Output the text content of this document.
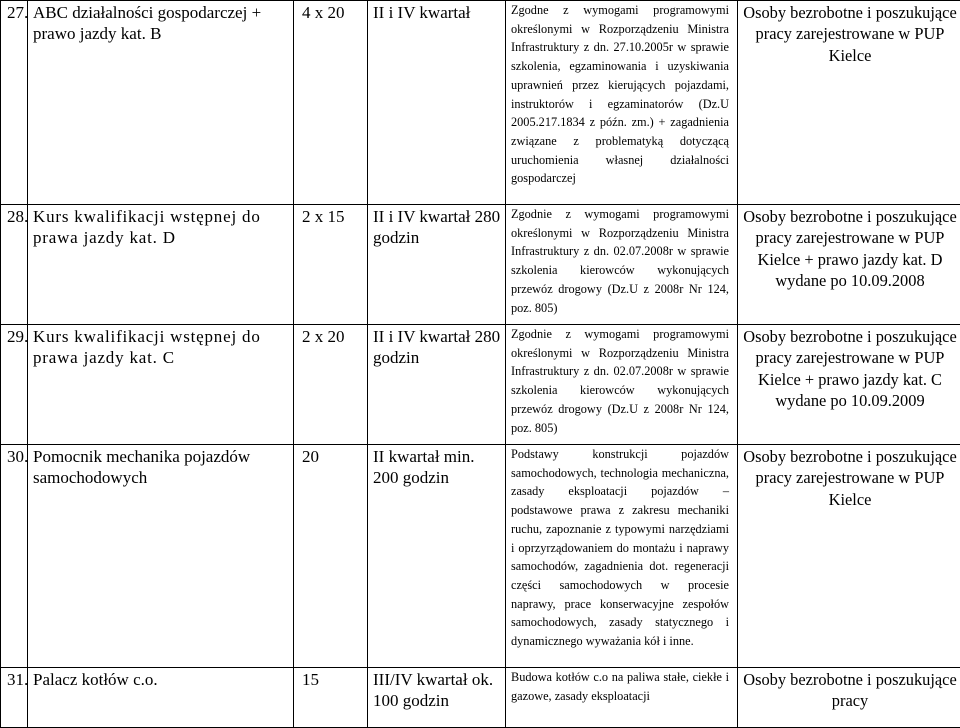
27.	ABC działalności gospodarczej + prawo jazdy kat. B	4 x 20	II i IV kwartał	Zgodne z wymogami programowymi określonymi w Rozporządzeniu Ministra Infrastruktury z dn. 27.10.2005r w sprawie szkolenia, egzaminowania i uzyskiwania uprawnień przez kierujących pojazdami, instruktorów i egzaminatorów (Dz.U 2005.217.1834 z późn. zm.) + zagadnienia związane z problematyką dotyczącą uruchomienia własnej działalności gospodarczej	Osoby bezrobotne i poszukujące pracy zarejestrowane w PUP Kielce
28.	Kurs kwalifikacji wstępnej do prawa jazdy kat. D	2 x 15	II i IV kwartał 280 godzin	Zgodnie z wymogami programowymi określonymi w Rozporządzeniu Ministra Infrastruktury z dn. 02.07.2008r w sprawie szkolenia kierowców wykonujących przewóz drogowy (Dz.U z 2008r Nr 124, poz. 805)	Osoby bezrobotne i poszukujące pracy zarejestrowane w PUP Kielce + prawo jazdy kat. D wydane po 10.09.2008
29.	Kurs kwalifikacji wstępnej do prawa jazdy kat. C	2 x 20	II i IV kwartał 280 godzin	Zgodnie z wymogami programowymi określonymi w Rozporządzeniu Ministra Infrastruktury z dn. 02.07.2008r w sprawie szkolenia kierowców wykonujących przewóz drogowy (Dz.U z 2008r Nr 124, poz. 805)	Osoby bezrobotne i poszukujące pracy zarejestrowane w PUP Kielce + prawo jazdy kat. C wydane po 10.09.2009
30.	Pomocnik mechanika pojazdów samochodowych	20	II kwartał min. 200 godzin	Podstawy konstrukcji pojazdów samochodowych, technologia mechaniczna, zasady eksploatacji pojazdów – podstawowe prawa z zakresu mechaniki ruchu, zapoznanie z typowymi narzędziami i oprzyrządowaniem do montażu i naprawy samochodów, zagadnienia dot. regeneracji części samochodowych w procesie naprawy, prace konserwacyjne zespołów samochodowych, zasady statycznego i dynamicznego wyważania kół i inne.	Osoby bezrobotne i poszukujące pracy zarejestrowane w PUP Kielce
31.	Palacz kotłów c.o.	15	III/IV kwartał ok. 100 godzin	Budowa kotłów c.o na paliwa stałe, ciekłe i gazowe, zasady eksploatacji	Osoby bezrobotne i poszukujące pracy
